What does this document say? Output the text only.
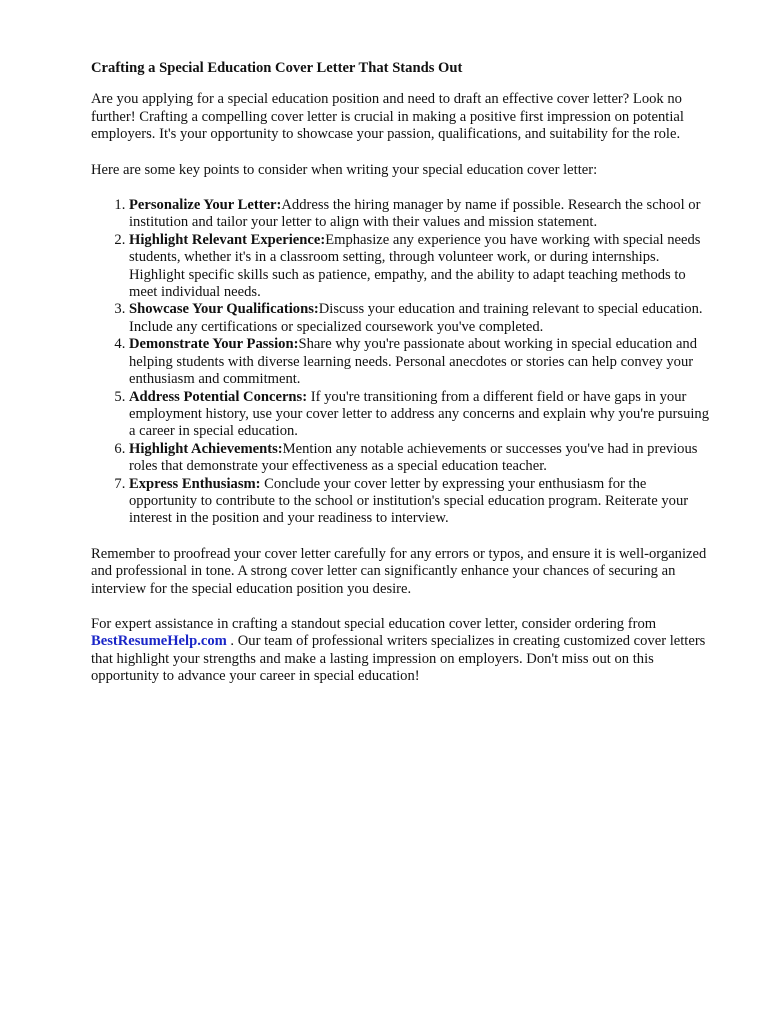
Crafting a Special Education Cover Letter That Stands Out

Are you applying for a special education position and need to draft an effective cover letter? Look no further! Crafting a compelling cover letter is crucial in making a positive first impression on potential employers. It's your opportunity to showcase your passion, qualifications, and suitability for the role.

Here are some key points to consider when writing your special education cover letter:

1. Personalize Your Letter:Address the hiring manager by name if possible. Research the school or institution and tailor your letter to align with their values and mission statement.
2. Highlight Relevant Experience:Emphasize any experience you have working with special needs students, whether it's in a classroom setting, through volunteer work, or during internships. Highlight specific skills such as patience, empathy, and the ability to adapt teaching methods to meet individual needs.
3. Showcase Your Qualifications:Discuss your education and training relevant to special education. Include any certifications or specialized coursework you've completed.
4. Demonstrate Your Passion:Share why you're passionate about working in special education and helping students with diverse learning needs. Personal anecdotes or stories can help convey your enthusiasm and commitment.
5. Address Potential Concerns: If you're transitioning from a different field or have gaps in your employment history, use your cover letter to address any concerns and explain why you're pursuing a career in special education.
6. Highlight Achievements:Mention any notable achievements or successes you've had in previous roles that demonstrate your effectiveness as a special education teacher.
7. Express Enthusiasm: Conclude your cover letter by expressing your enthusiasm for the opportunity to contribute to the school or institution's special education program. Reiterate your interest in the position and your readiness to interview.

Remember to proofread your cover letter carefully for any errors or typos, and ensure it is well-organized and professional in tone. A strong cover letter can significantly enhance your chances of securing an interview for the special education position you desire.

For expert assistance in crafting a standout special education cover letter, consider ordering from BestResumeHelp.com . Our team of professional writers specializes in creating customized cover letters that highlight your strengths and make a lasting impression on employers. Don't miss out on this opportunity to advance your career in special education!
